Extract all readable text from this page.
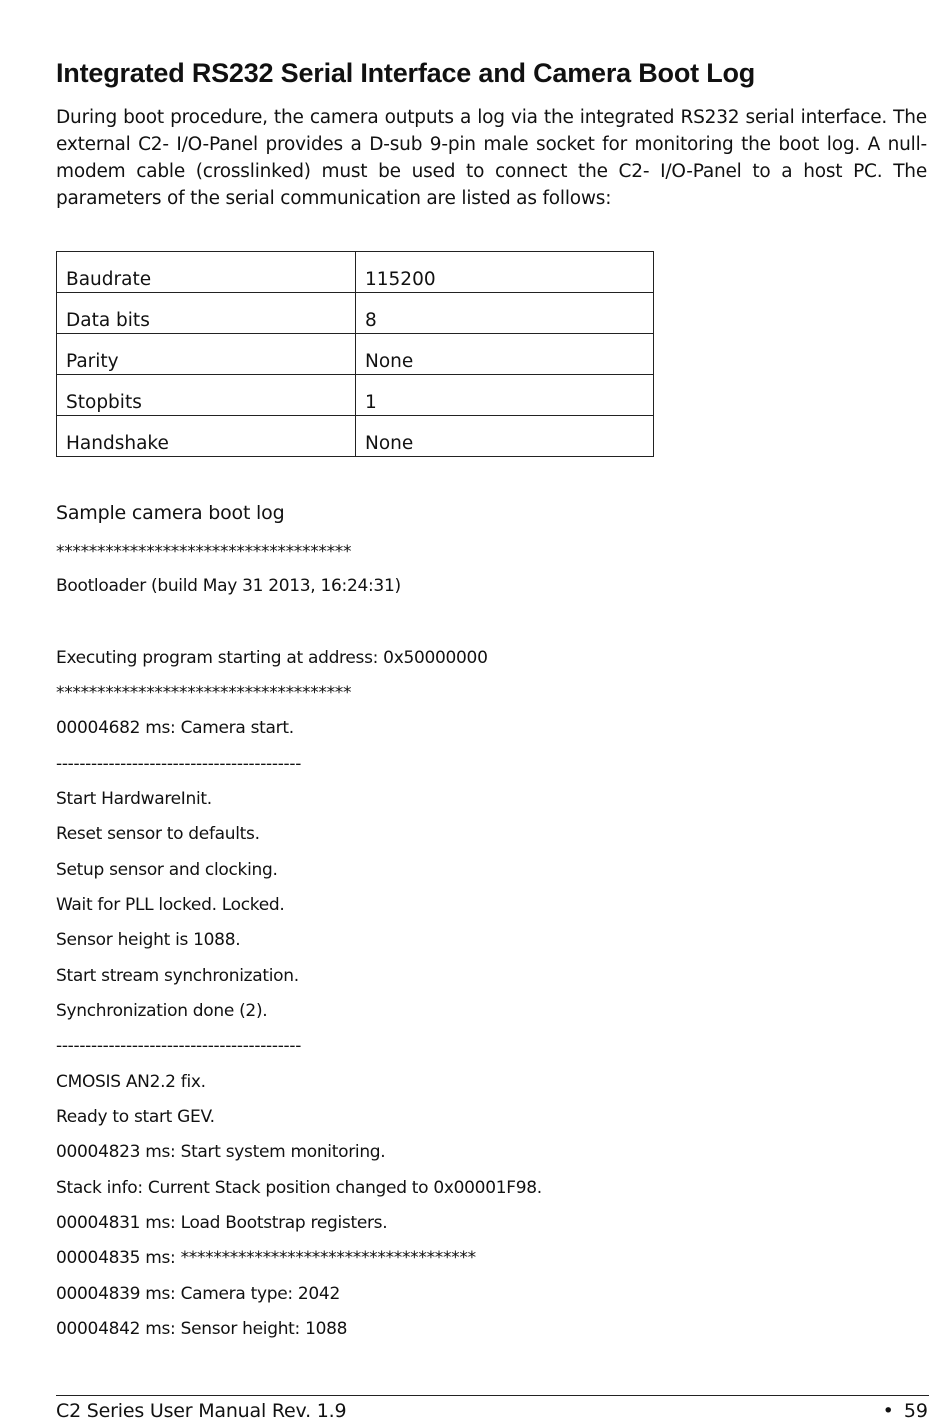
Integrated RS232 Serial Interface and Camera Boot Log

During boot procedure, the camera outputs a log via the integrated RS232 serial interface. The external C2- I/O-Panel provides a D-sub 9-pin male socket for monitoring the boot log. A null-modem cable (crosslinked) must be used to connect the C2- I/O-Panel to a host PC. The parameters of the serial communication are listed as follows:

Baudrate	115200
Data bits	8
Parity	None
Stopbits	1
Handshake	None
Sample camera boot log
************************************
Bootloader (build May 31 2013, 16:24:31)
Executing program starting at address: 0x50000000
************************************
00004682 ms: Camera start.
------------------------------------------
Start HardwareInit.
Reset sensor to defaults.
Setup sensor and clocking.
Wait for PLL locked. Locked.
Sensor height is 1088.
Start stream synchronization.
Synchronization done (2).
------------------------------------------
CMOSIS AN2.2 fix.
Ready to start GEV.
00004823 ms: Start system monitoring.
Stack info: Current Stack position changed to 0x00001F98.
00004831 ms: Load Bootstrap registers.
00004835 ms: ************************************
00004839 ms: Camera type: 2042
00004842 ms: Sensor height: 1088
C2 Series User Manual Rev. 1.9	• 59
